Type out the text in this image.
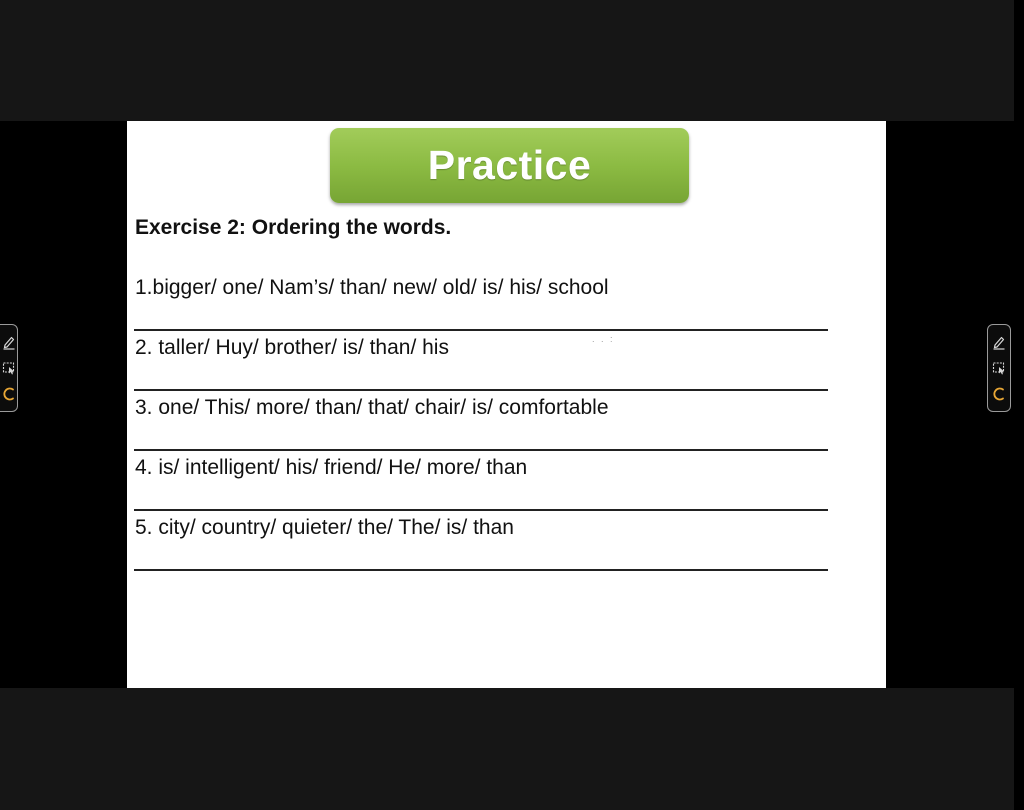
Practice
Exercise 2: Ordering the words.
1.bigger/ one/ Nam’s/ than/ new/ old/ is/ his/ school
. . :
2. taller/ Huy/ brother/ is/ than/ his
3. one/ This/ more/ than/ that/ chair/ is/ comfortable
4. is/ intelligent/ his/ friend/ He/ more/ than
5. city/ country/ quieter/ the/ The/ is/ than
